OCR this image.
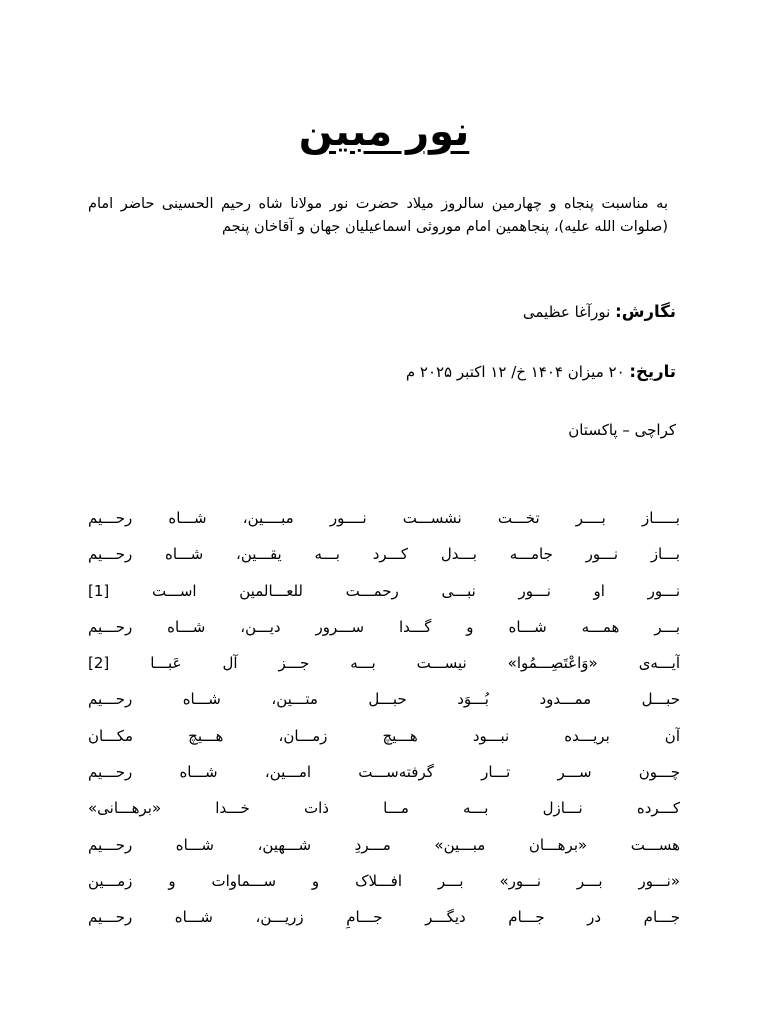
نور مبین
به مناسبت پنجاه و چهارمین سالروز میلاد حضرت نور مولانا شاه رحیم الحسینی حاضر امام (صلوات الله علیه)، پنجاهمین امام موروثی اسماعیلیان جهان و آقاخان پنجم
نگارش: نورآغا عظیمی
تاریخ: ۲۰ میزان ۱۴۰۴ خ/ ۱۲ اکتبر ۲۰۲۵ م
کراچی – پاکستان
بـــــاز بــــر تخـــت نشســـت نــــور مبــــین، شـــاه رحـــیم
بـــاز نـــور جامـــه بـــدل کـــرد بـــه یقـــین، شـــاه رحـــیم
نـــور او نـــور نبـــی رحمـــت للعـــالمین اســـت [1]
بـــر همـــه شـــاه و گـــدا ســـرور دیـــن، شـــاه رحـــیم
آیـــه‌ی «وَاعْتَصِـــمُوا» نیســـت بـــه جـــز آل عَبـــا [2]
حبـــل ممـــدود بُـــوَد حبـــل متـــین، شـــاه رحـــیم
آن بریـــده نبـــود هـــیچ زمـــان، هـــیچ مکـــان
چـــون ســـر تـــار گرفته‌ســـت امـــین، شـــاه رحـــیم
کـــرده نـــازل بـــه مـــا ذات خـــدا «برهـــانی»
هســـت «برهـــان مبـــین» مـــردِ شـــهین، شـــاه رحـــیم
«نـــور بـــر نـــور» بـــر افـــلاک و ســـماوات و زمـــین
جـــام در جـــام دیگـــر جـــامِ زریـــن، شـــاه رحـــیم
